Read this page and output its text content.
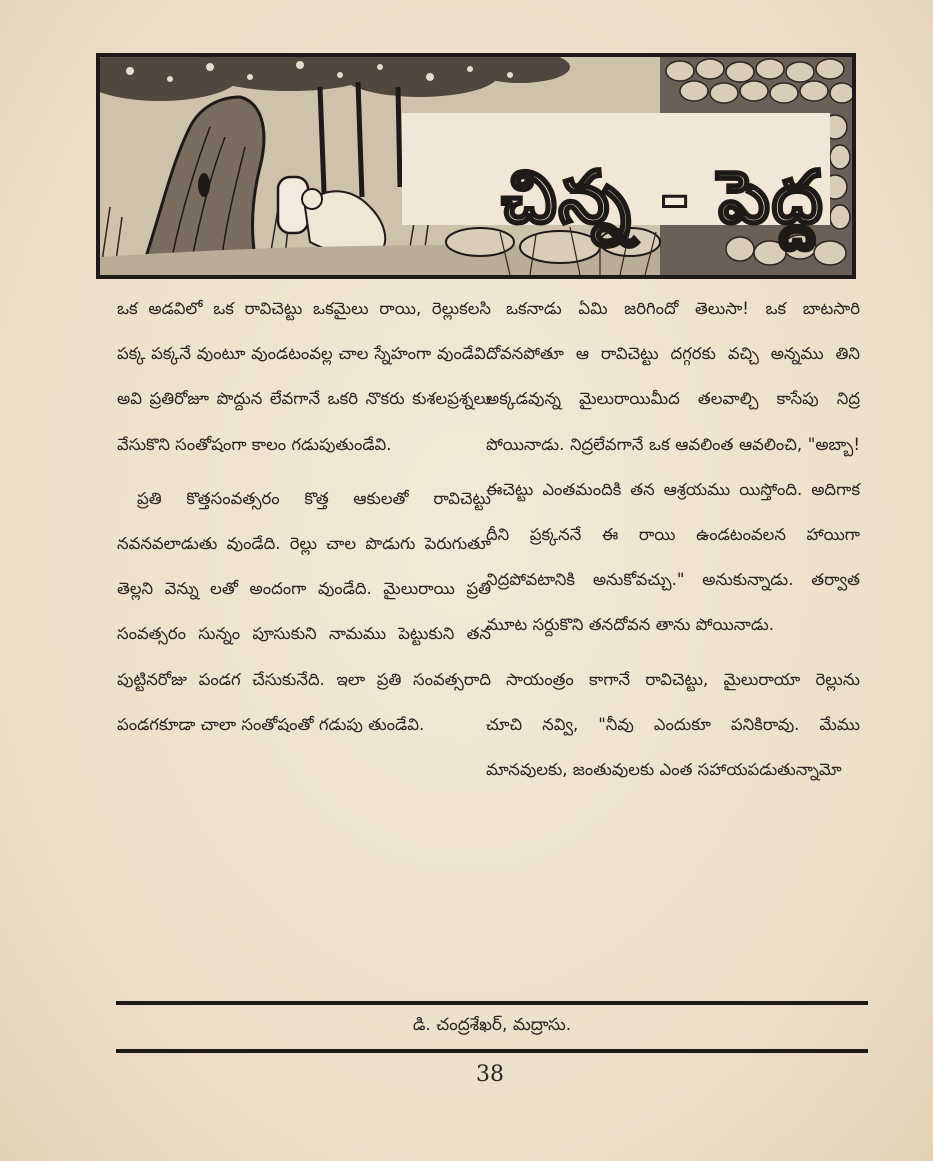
చిన్న - పెద్ద

ఒక అడవిలో ఒక రావిచెట్టు ఒకమైలు రాయి, రెల్లుకలసి పక్క పక్కనే వుంటూ వుండటంవల్ల చాల స్నేహంగా వుండేవి. అవి ప్రతిరోజూ పొద్దున లేవగానే ఒకరి నొకరు కుశలప్రశ్నలు వేసుకొని సంతోషంగా కాలం గడుపుతుండేవి.

ప్రతి కొత్తసంవత్సరం కొత్త ఆకులతో రావిచెట్టు నవనవలాడుతు వుండేది. రెల్లు చాల పొడుగు పెరుగుతూ తెల్లని వెన్ను లతో అందంగా వుండేది. మైలురాయి ప్రతి సంవత్సరం సున్నం పూసుకుని నామము పెట్టుకుని తన పుట్టినరోజు పండగ చేసుకునేది. ఇలా ప్రతి సంవత్సరాది పండగకూడా చాలా సంతోషంతో గడుపు తుండేవి.

ఒకనాడు ఏమి జరిగిందో తెలుసా! ఒక బాటసారి దోవనపోతూ ఆ రావిచెట్టు దగ్గరకు వచ్చి అన్నము తిని అక్కడవున్న మైలురాయిమీద తలవాల్చి కాసేపు నిద్ర పోయినాడు. నిద్రలేవగానే ఒక ఆవలింత ఆవలించి, "అబ్బా! ఈచెట్టు ఎంతమందికి తన ఆశ్రయము యిస్తోంది. అదిగాక దీని ప్రక్కననే ఈ రాయి ఉండటంవలన హాయిగా నిద్రపోవటానికి అనుకోవచ్చు." అనుకున్నాడు. తర్వాత మూట సర్దుకొని తనదోవన తాను పోయినాడు.

సాయంత్రం కాగానే రావిచెట్టు, మైలురాయా రెల్లును చూచి నవ్వి, "నీవు ఎందుకూ పనికిరావు. మేము మానవులకు, జంతువులకు ఎంత సహాయపడుతున్నామో

డి. చంద్రశేఖర్, మద్రాసు.
38
